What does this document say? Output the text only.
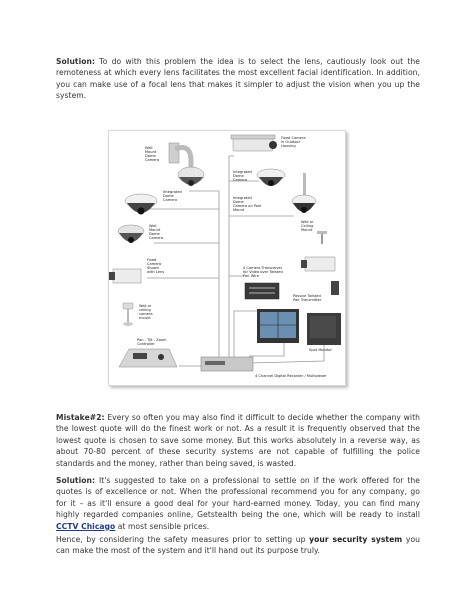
Solution: To do with this problem the idea is to select the lens, cautiously look out the remoteness at which every lens facilitates the most excellent facial identification. In addition, you can make use of a focal lens that makes it simpler to adjust the vision when you up the system.

Wall
Mount
Dome
Camera
Fixed Camera
in Outdoor
Housing
Integrated
Dome
Camera
Integrated
Dome
Camera
Integrated
Dome
Camera on Pole
Mount
Wall
Mount
Dome
Camera
Wall or
Ceiling
Mount
Fixed
Camera
Shown
with Lens
4 Camera Transceiver
for Video over Twisted
Pair Wire
Wall or
ceiling
camera
mount
Passive Twisted
Pair Transmitter
Spot Monitor
Pan - Tilt - Zoom
Controller
4 Channel Digital Recorder / Multiplexer

Mistake#2: Every so often you may also find it difficult to decide whether the company with the lowest quote will do the finest work or not. As a result it is frequently observed that the lowest quote is chosen to save some money. But this works absolutely in a reverse way, as about 70-80 percent of these security systems are not capable of fulfilling the police standards and the money, rather than being saved, is wasted.

Solution: It's suggested to take on a professional to settle on if the work offered for the quotes is of excellence or not. When the professional recommend you for any company, go for it – as it'll ensure a good deal for your hard-earned money. Today, you can find many highly regarded companies online, Getstealth being the one, which will be ready to install CCTV Chicago at most sensible prices.

Hence, by considering the safety measures prior to setting up your security system you can make the most of the system and it'll hand out its purpose truly.
